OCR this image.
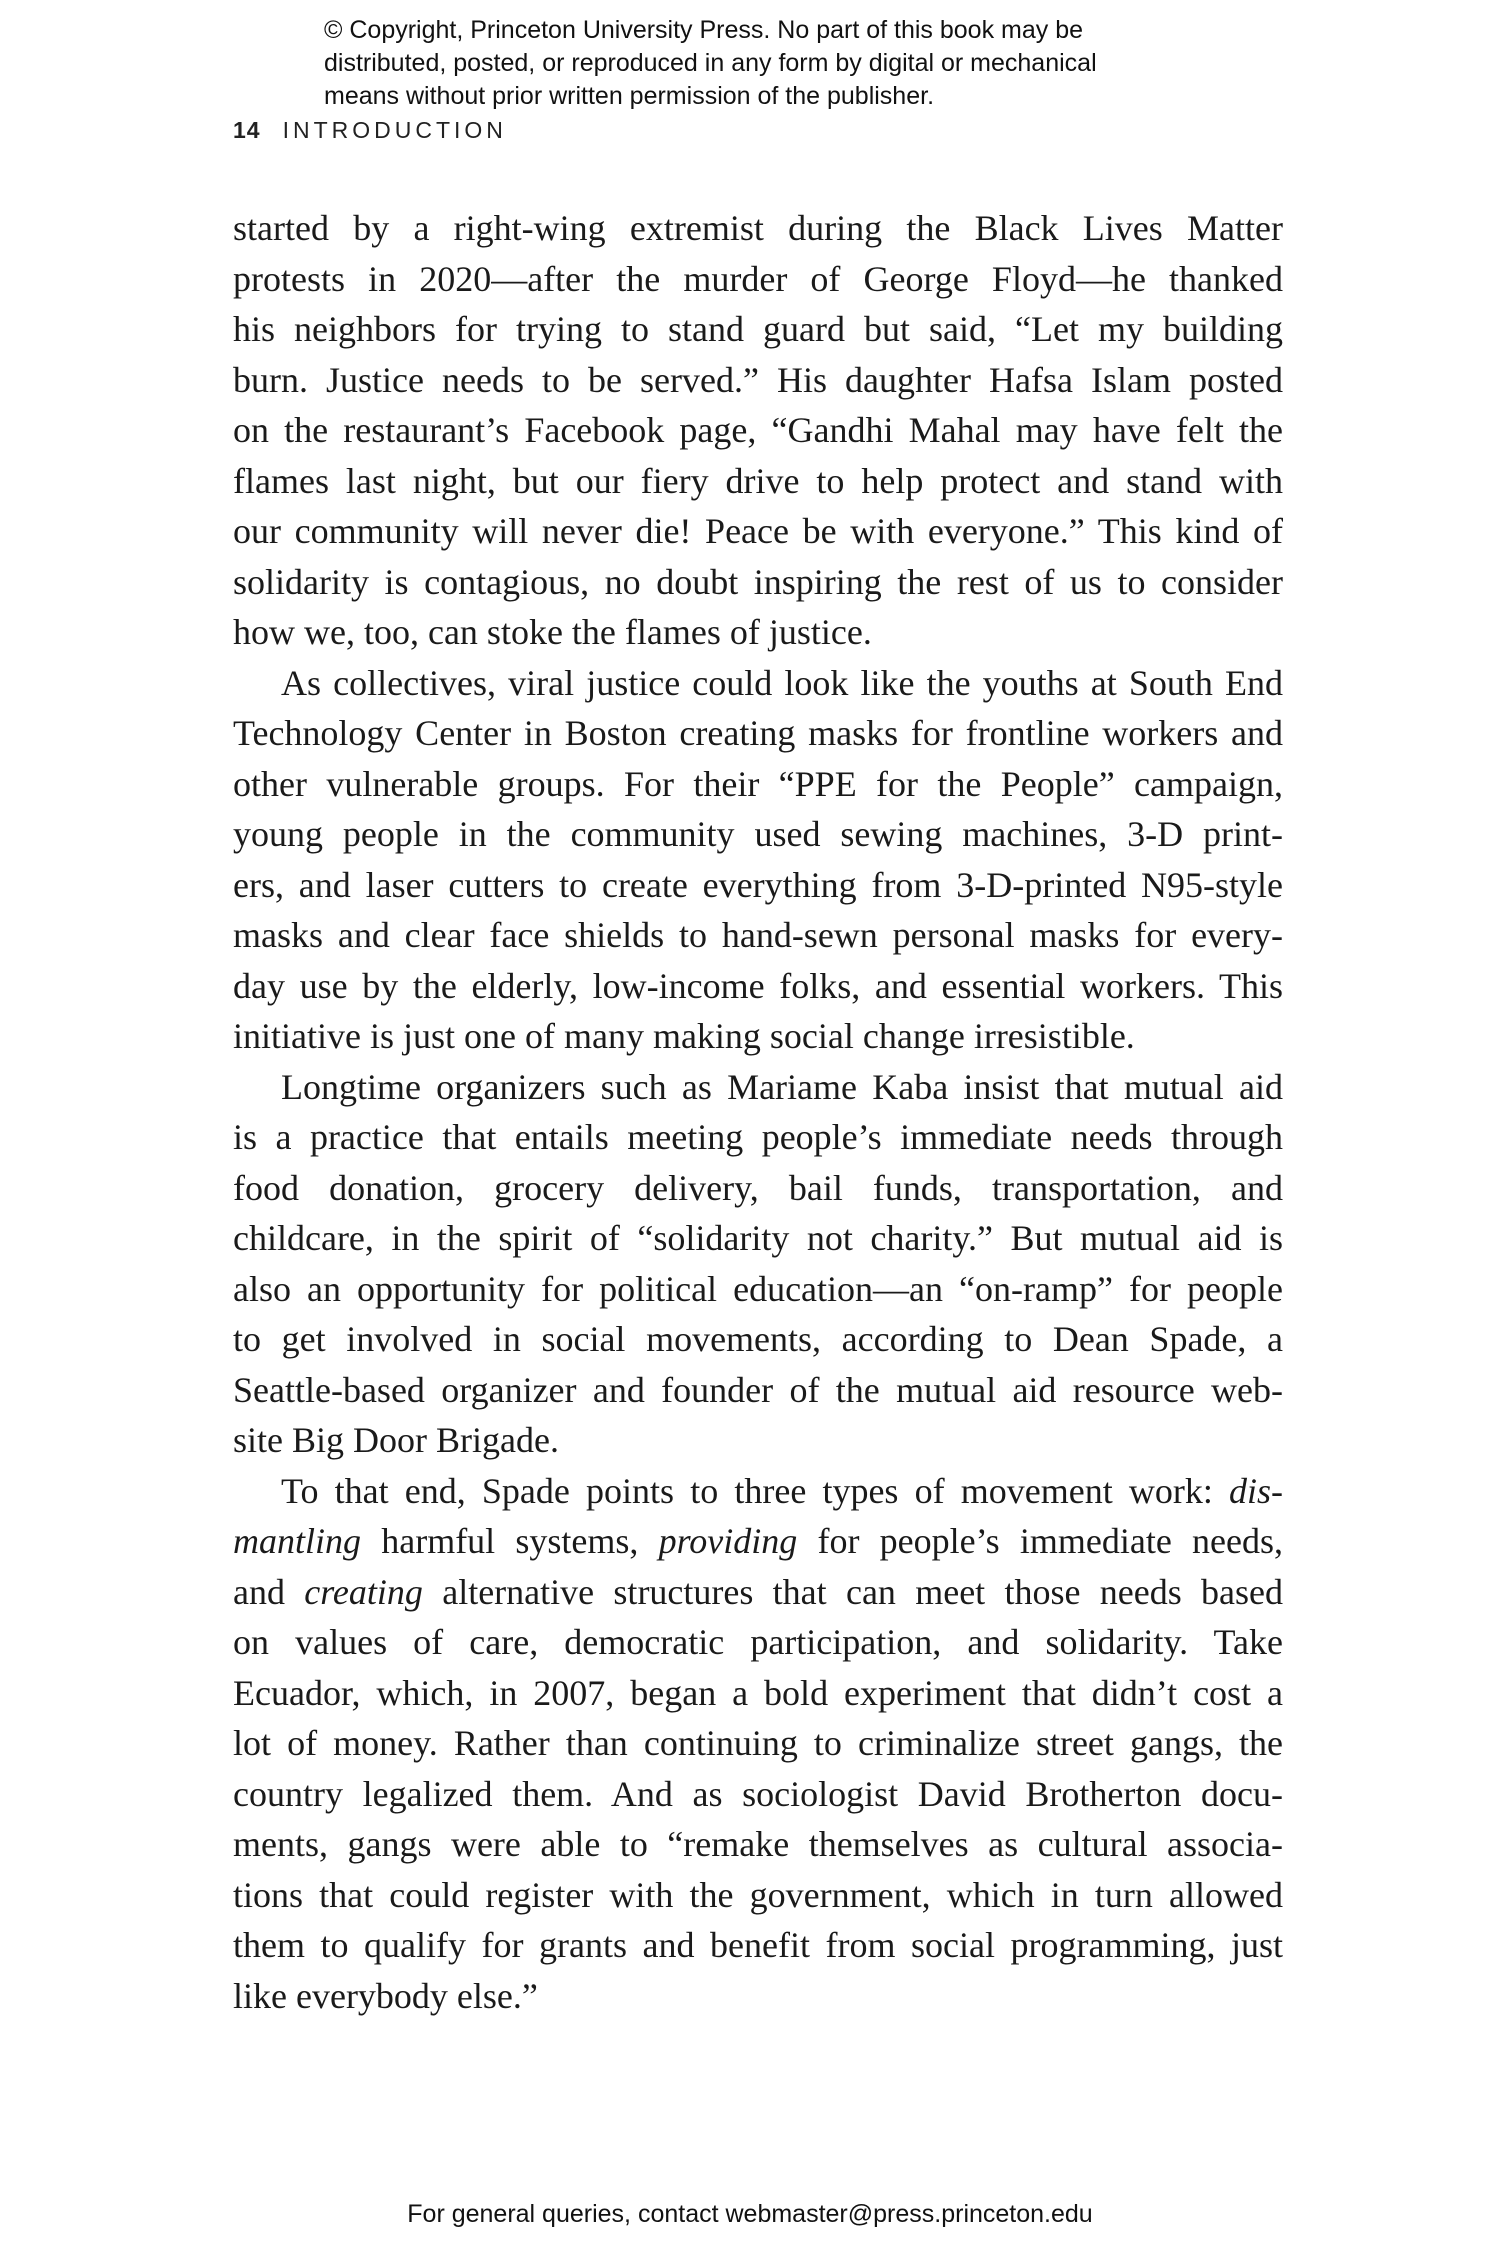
© Copyright, Princeton University Press. No part of this book may be
distributed, posted, or reproduced in any form by digital or mechanical
means without prior written permission of the publisher.
14 INTRODUCTION
started by a right-wing extremist during the Black Lives Matter
protests in 2020—after the murder of George Floyd—he thanked
his neighbors for trying to stand guard but said, “Let my building
burn. Justice needs to be served.” His daughter Hafsa Islam posted
on the restaurant’s Facebook page, “Gandhi Mahal may have felt the
flames last night, but our fiery drive to help protect and stand with
our community will never die! Peace be with everyone.” This kind of
solidarity is contagious, no doubt inspiring the rest of us to consider
how we, too, can stoke the flames of justice.
As collectives, viral justice could look like the youths at South End
Technology Center in Boston creating masks for frontline workers and
other vulnerable groups. For their “PPE for the People” campaign,
young people in the community used sewing machines, 3-D print-
ers, and laser cutters to create everything from 3-D-printed N95-style
masks and clear face shields to hand-sewn personal masks for every-
day use by the elderly, low-income folks, and essential workers. This
initiative is just one of many making social change irresistible.
Longtime organizers such as Mariame Kaba insist that mutual aid
is a practice that entails meeting people’s immediate needs through
food donation, grocery delivery, bail funds, transportation, and
childcare, in the spirit of “solidarity not charity.” But mutual aid is
also an opportunity for political education—an “on-ramp” for people
to get involved in social movements, according to Dean Spade, a
Seattle-based organizer and founder of the mutual aid resource web-
site Big Door Brigade.
To that end, Spade points to three types of movement work: dis-
mantling harmful systems, providing for people’s immediate needs,
and creating alternative structures that can meet those needs based
on values of care, democratic participation, and solidarity. Take
Ecuador, which, in 2007, began a bold experiment that didn’t cost a
lot of money. Rather than continuing to criminalize street gangs, the
country legalized them. And as sociologist David Brotherton docu-
ments, gangs were able to “remake themselves as cultural associa-
tions that could register with the government, which in turn allowed
them to qualify for grants and benefit from social programming, just
like everybody else.”
For general queries, contact webmaster@press.princeton.edu
